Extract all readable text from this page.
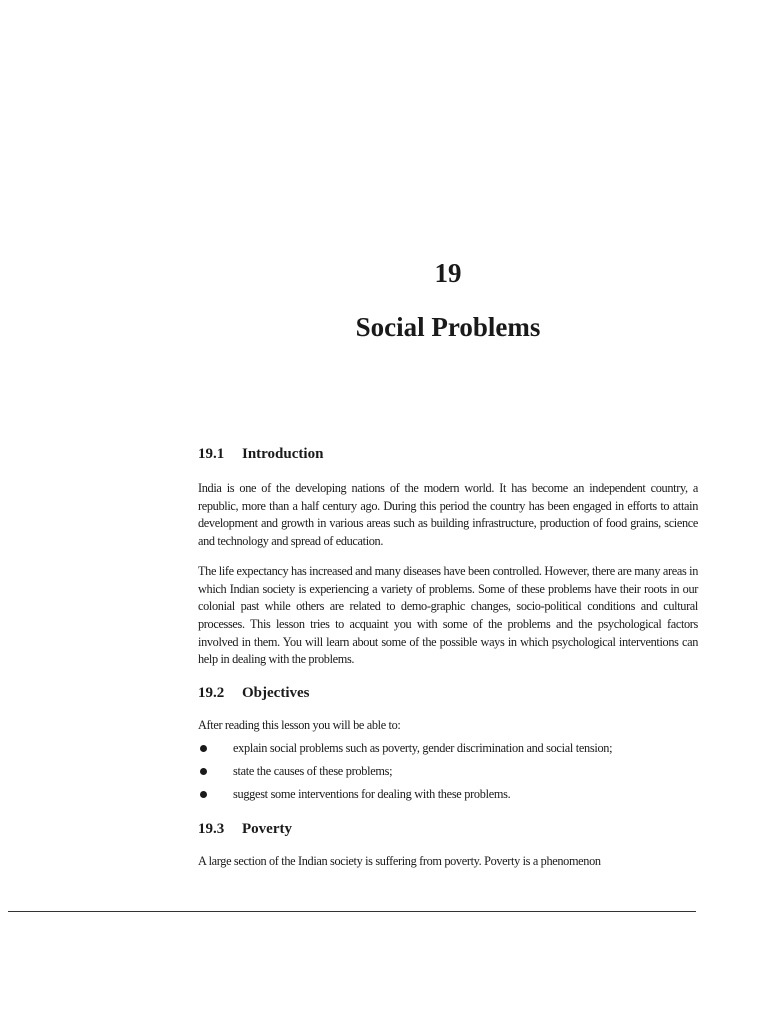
19
Social Problems
19.1 Introduction

India is one of the developing nations of the modern world. It has become an independent country, a republic, more than a half century ago. During this period the country has been engaged in efforts to attain development and growth in various areas such as building infrastructure, production of food grains, science and technology and spread of education.

The life expectancy has increased and many diseases have been controlled. However, there are many areas in which Indian society is experiencing a variety of problems. Some of these problems have their roots in our colonial past while others are related to demo-graphic changes, socio-political conditions and cultural processes. This lesson tries to acquaint you with some of the problems and the psychological factors involved in them. You will learn about some of the possible ways in which psychological interventions can help in dealing with the problems.

19.2 Objectives

After reading this lesson you will be able to:

explain social problems such as poverty, gender discrimination and social tension;
state the causes of these problems;
suggest some interventions for dealing with these problems.
19.3 Poverty

A large section of the Indian society is suffering from poverty. Poverty is a phenomenon
